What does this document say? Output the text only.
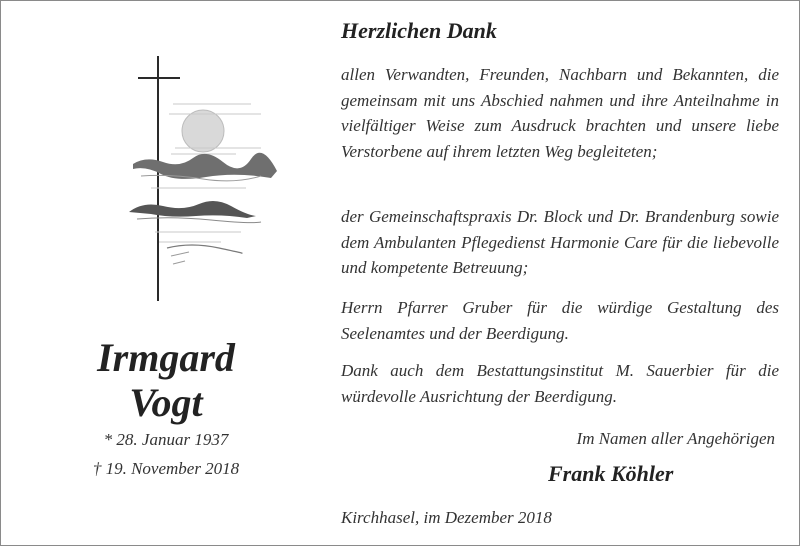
Irmgard
Vogt
* 28. Januar 1937
† 19. November 2018
Herzlichen Dank

allen Verwandten, Freunden, Nachbarn und Bekannten, die gemeinsam mit uns Abschied nahmen und ihre Anteilnahme in vielfältiger Weise zum Ausdruck brachten und unsere liebe Verstorbene auf ihrem letzten Weg begleiteten;

der Gemeinschaftspraxis Dr. Block und Dr. Brandenburg sowie dem Ambulanten Pflegedienst Harmonie Care für die liebevolle und kompetente Betreuung;

Herrn Pfarrer Gruber für die würdige Gestaltung des Seelenamtes und der Beerdigung.

Dank auch dem Bestattungsinstitut M. Sauerbier für die würdevolle Ausrichtung der Beerdigung.

Im Namen aller Angehörigen
Frank Köhler
Kirchhasel, im Dezember 2018
